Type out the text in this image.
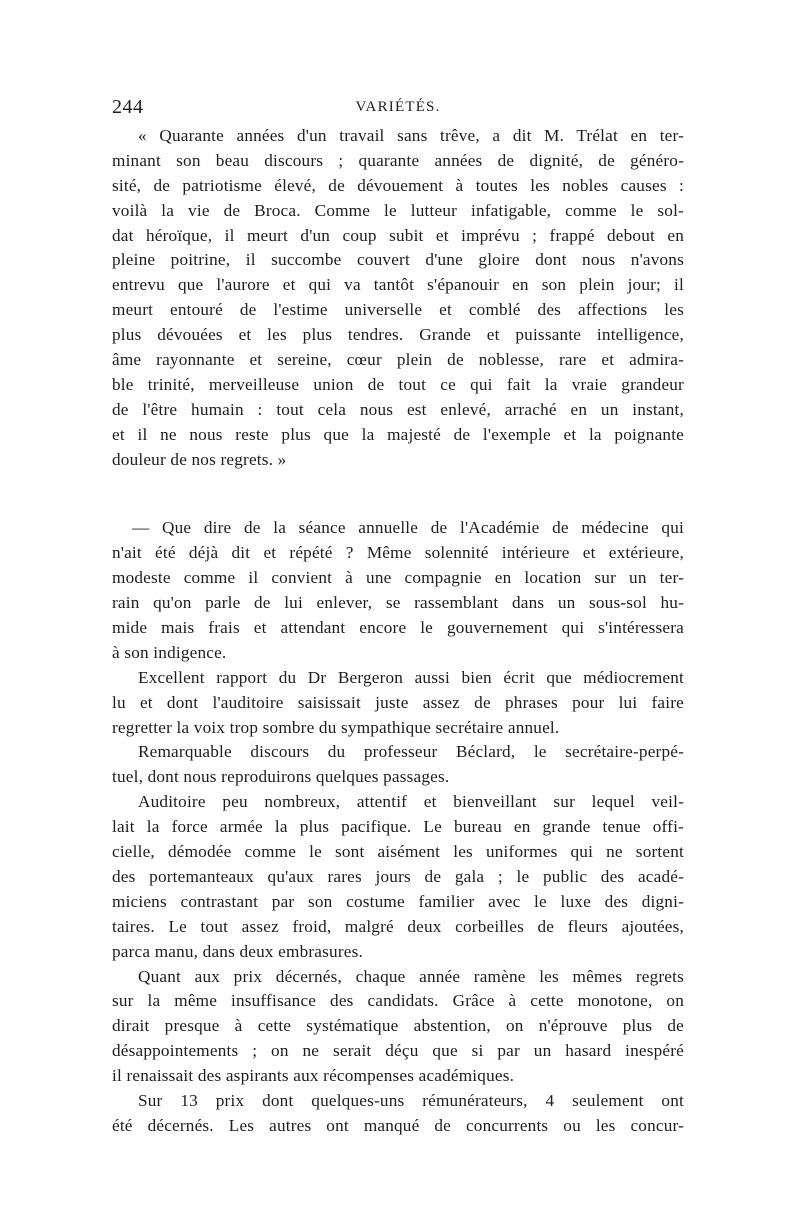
244	VARIÉTÉS.
« Quarante années d'un travail sans trêve, a dit M. Trélat en ter-
minant son beau discours ; quarante années de dignité, de généro-
sité, de patriotisme élevé, de dévouement à toutes les nobles causes :
voilà la vie de Broca. Comme le lutteur infatigable, comme le sol-
dat héroïque, il meurt d'un coup subit et imprévu ; frappé debout en
pleine poitrine, il succombe couvert d'une gloire dont nous n'avons
entrevu que l'aurore et qui va tantôt s'épanouir en son plein jour; il
meurt entouré de l'estime universelle et comblé des affections les
plus dévouées et les plus tendres. Grande et puissante intelligence,
âme rayonnante et sereine, cœur plein de noblesse, rare et admira-
ble trinité, merveilleuse union de tout ce qui fait la vraie grandeur
de l'être humain : tout cela nous est enlevé, arraché en un instant,
et il ne nous reste plus que la majesté de l'exemple et la poignante
douleur de nos regrets. »
— Que dire de la séance annuelle de l'Académie de médecine qui
n'ait été déjà dit et répété ? Même solennité intérieure et extérieure,
modeste comme il convient à une compagnie en location sur un ter-
rain qu'on parle de lui enlever, se rassemblant dans un sous-sol hu-
mide mais frais et attendant encore le gouvernement qui s'intéressera
à son indigence.
Excellent rapport du Dr Bergeron aussi bien écrit que médiocrement
lu et dont l'auditoire saisissait juste assez de phrases pour lui faire
regretter la voix trop sombre du sympathique secrétaire annuel.
Remarquable discours du professeur Béclard, le secrétaire-perpé-
tuel, dont nous reproduirons quelques passages.
Auditoire peu nombreux, attentif et bienveillant sur lequel veil-
lait la force armée la plus pacifique. Le bureau en grande tenue offi-
cielle, démodée comme le sont aisément les uniformes qui ne sortent
des portemanteaux qu'aux rares jours de gala ; le public des acadé-
miciens contrastant par son costume familier avec le luxe des digni-
taires. Le tout assez froid, malgré deux corbeilles de fleurs ajoutées,
parca manu, dans deux embrasures.
Quant aux prix décernés, chaque année ramène les mêmes regrets
sur la même insuffisance des candidats. Grâce à cette monotone, on
dirait presque à cette systématique abstention, on n'éprouve plus de
désappointements ; on ne serait déçu que si par un hasard inespéré
il renaissait des aspirants aux récompenses académiques.
Sur 13 prix dont quelques-uns rémunérateurs, 4 seulement ont
été décernés. Les autres ont manqué de concurrents ou les concur-
